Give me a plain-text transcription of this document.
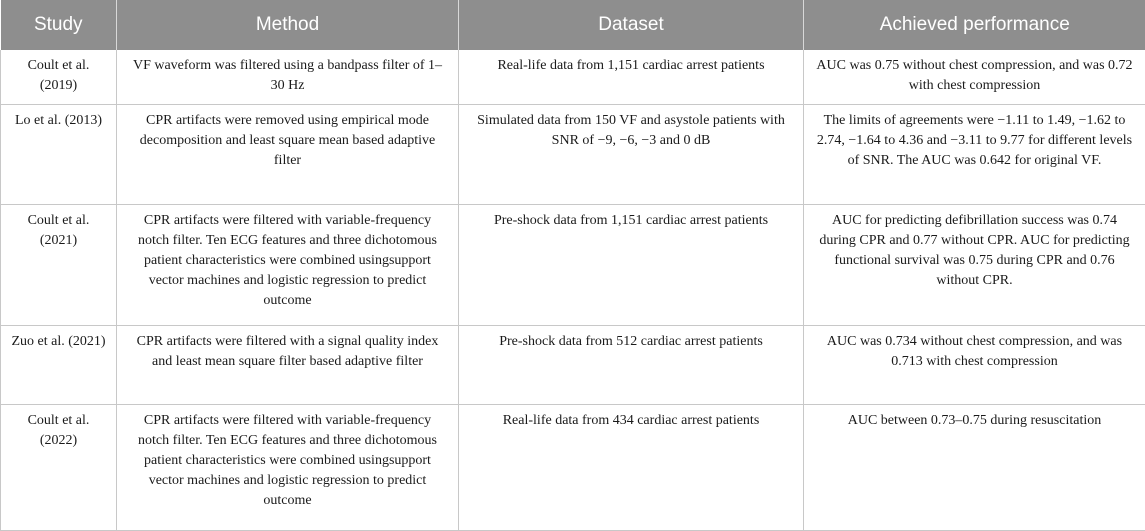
Study	Method	Dataset	Achieved performance
Coult et al. (2019)	VF waveform was filtered using a bandpass filter of 1–30 Hz	Real-life data from 1,151 cardiac arrest patients	AUC was 0.75 without chest compression, and was 0.72 with chest compression
Lo et al. (2013)	CPR artifacts were removed using empirical mode decomposition and least square mean based adaptive filter	Simulated data from 150 VF and asystole patients with SNR of −9, −6, −3 and 0 dB	The limits of agreements were −1.11 to 1.49, −1.62 to 2.74, −1.64 to 4.36 and −3.11 to 9.77 for different levels of SNR. The AUC was 0.642 for original VF.
Coult et al. (2021)	CPR artifacts were filtered with variable-frequency notch filter. Ten ECG features and three dichotomous patient characteristics were combined usingsupport vector machines and logistic regression to predict outcome	Pre-shock data from 1,151 cardiac arrest patients	AUC for predicting defibrillation success was 0.74 during CPR and 0.77 without CPR. AUC for predicting functional survival was 0.75 during CPR and 0.76 without CPR.
Zuo et al. (2021)	CPR artifacts were filtered with a signal quality index and least mean square filter based adaptive filter	Pre-shock data from 512 cardiac arrest patients	AUC was 0.734 without chest compression, and was 0.713 with chest compression
Coult et al. (2022)	CPR artifacts were filtered with variable-frequency notch filter. Ten ECG features and three dichotomous patient characteristics were combined usingsupport vector machines and logistic regression to predict outcome	Real-life data from 434 cardiac arrest patients	AUC between 0.73–0.75 during resuscitation
